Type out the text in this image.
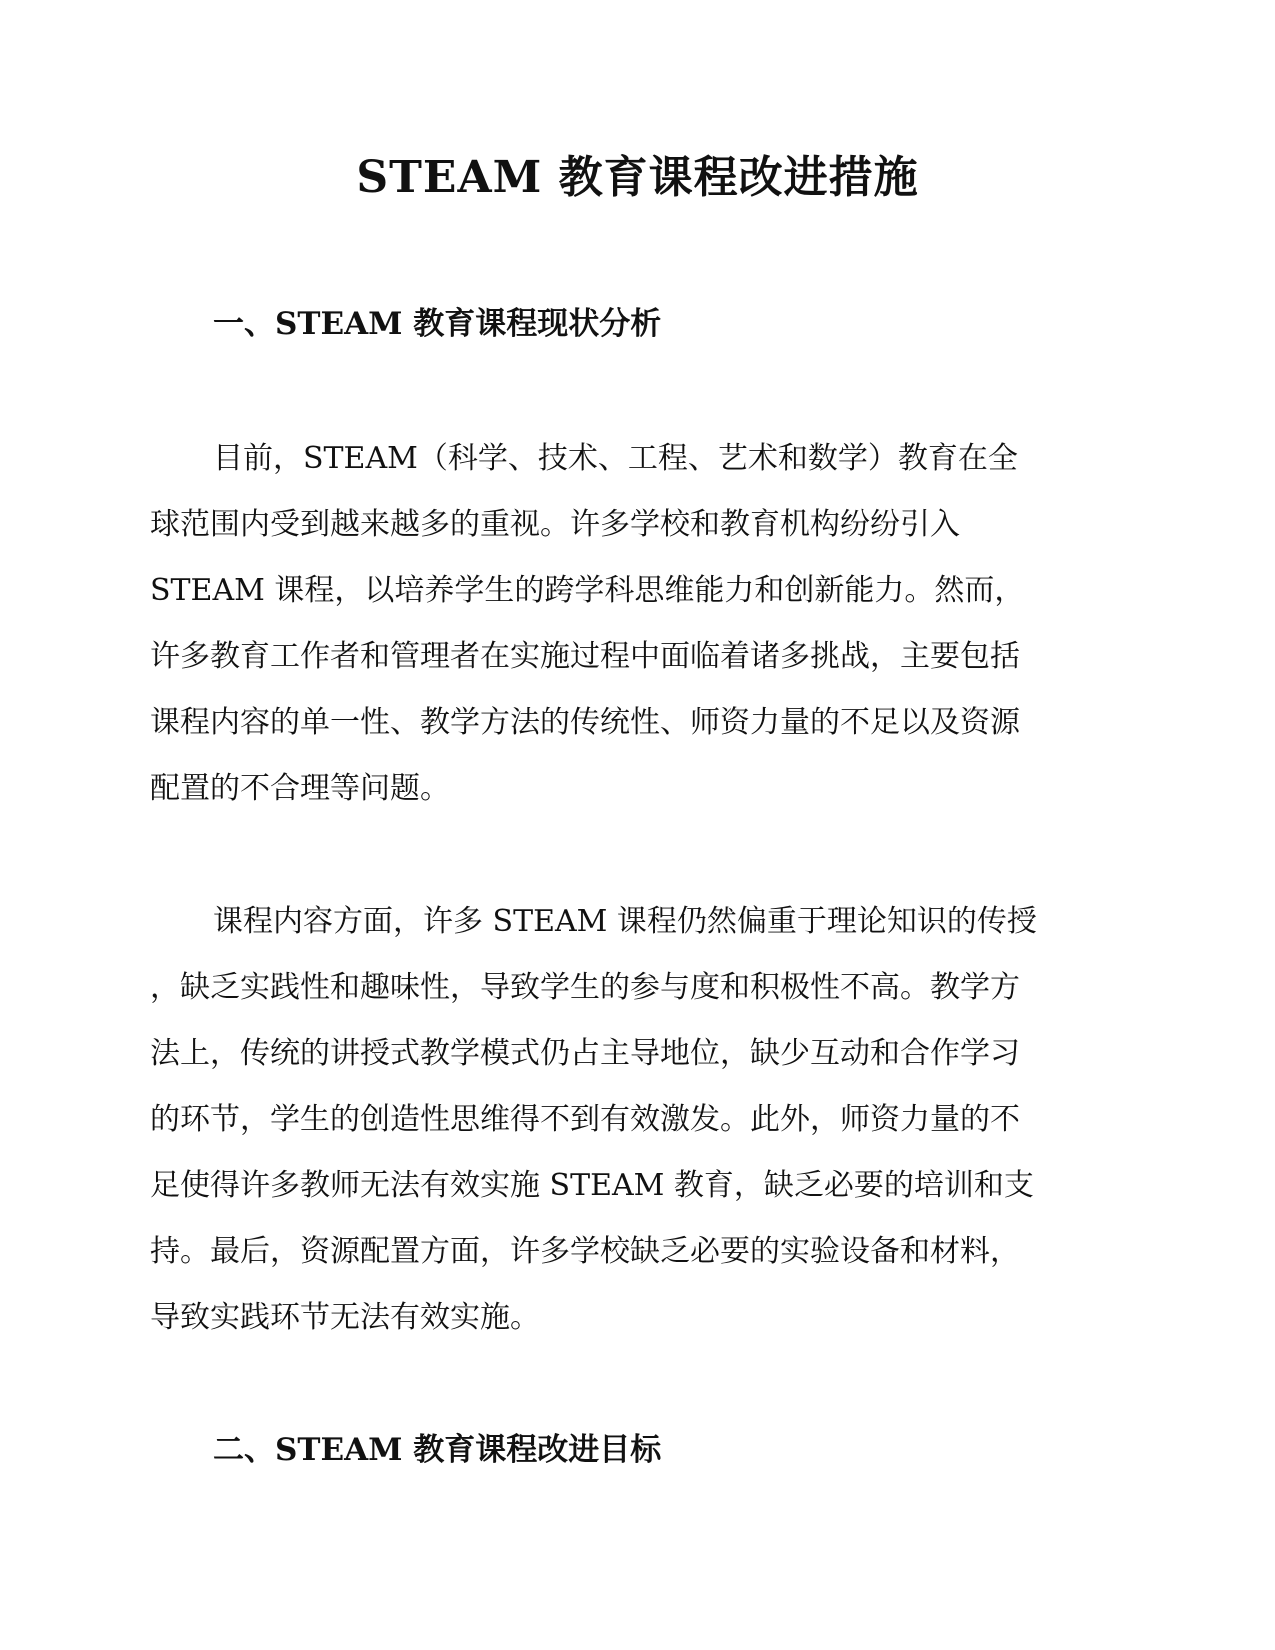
STEAM 教育课程改进措施
一、STEAM 教育课程现状分析
目前，STEAM（科学、技术、工程、艺术和数学）教育在全
球范围内受到越来越多的重视。许多学校和教育机构纷纷引入
STEAM 课程，以培养学生的跨学科思维能力和创新能力。然而，
许多教育工作者和管理者在实施过程中面临着诸多挑战，主要包括
课程内容的单一性、教学方法的传统性、师资力量的不足以及资源
配置的不合理等问题。
课程内容方面，许多 STEAM 课程仍然偏重于理论知识的传授
，缺乏实践性和趣味性，导致学生的参与度和积极性不高。教学方
法上，传统的讲授式教学模式仍占主导地位，缺少互动和合作学习
的环节，学生的创造性思维得不到有效激发。此外，师资力量的不
足使得许多教师无法有效实施 STEAM 教育，缺乏必要的培训和支
持。最后，资源配置方面，许多学校缺乏必要的实验设备和材料，
导致实践环节无法有效实施。
二、STEAM 教育课程改进目标
